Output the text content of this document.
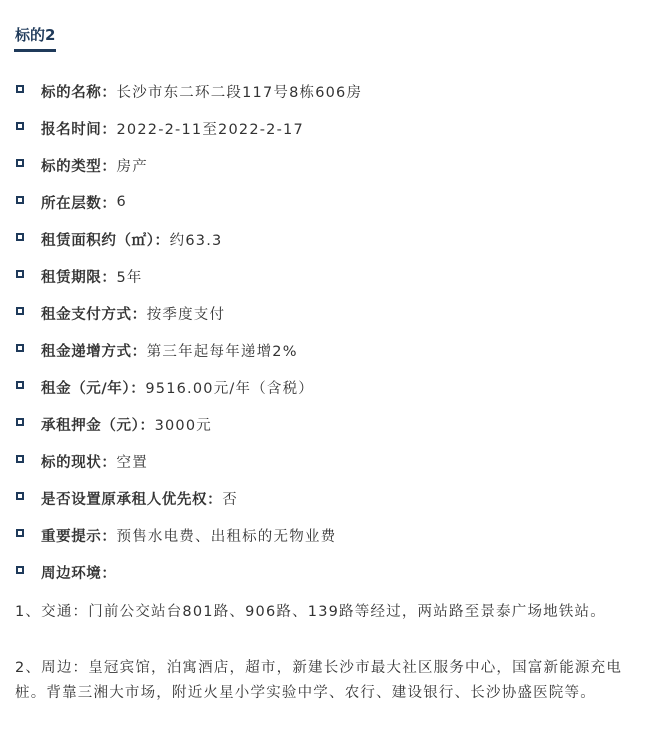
标的2
标的名称： 长沙市东二环二段117号8栋606房
报名时间： 2022-2-11至2022-2-17
标的类型： 房产
所在层数： 6
租赁面积约（㎡）： 约63.3
租赁期限： 5年
租金支付方式： 按季度支付
租金递增方式： 第三年起每年递增2%
租金（元/年）： 9516.00元/年（含税）
承租押金（元）： 3000元
标的现状： 空置
是否设置原承租人优先权： 否
重要提示： 预售水电费、出租标的无物业费
周边环境：
1、交通：门前公交站台801路、906路、139路等经过，两站路至景泰广场地铁站。
2、周边：皇冠宾馆，泊寓酒店，超市，新建长沙市最大社区服务中心，国富新能源充电桩。背靠三湘大市场，附近火星小学实验中学、农行、建设银行、长沙协盛医院等。
